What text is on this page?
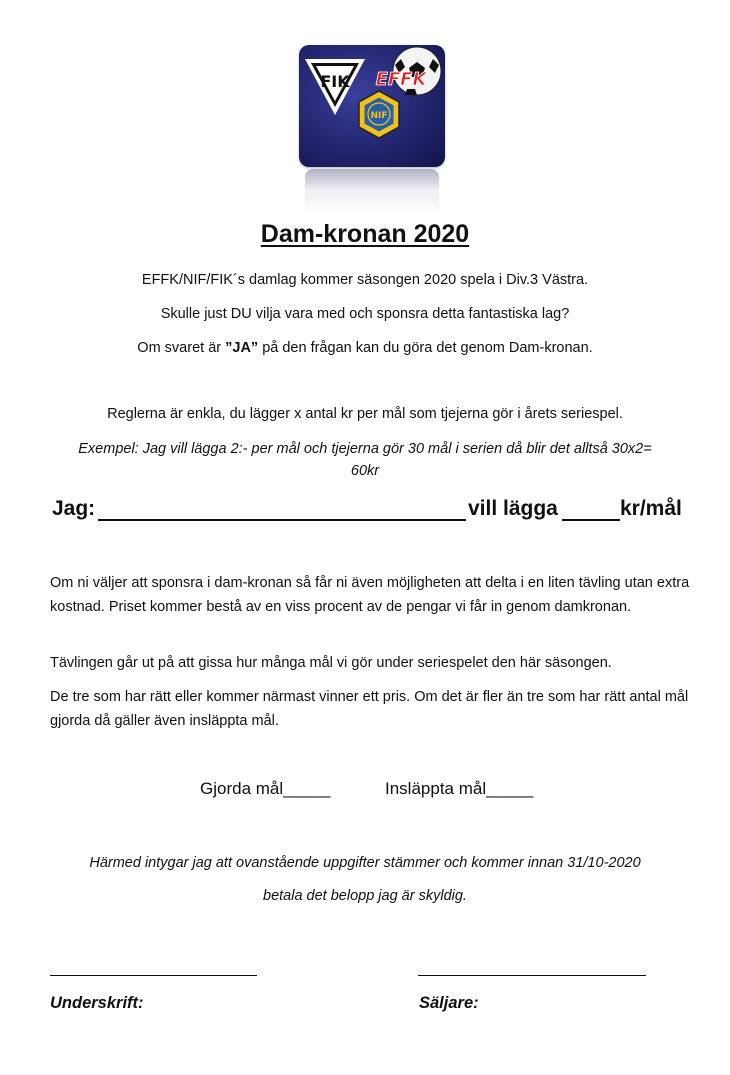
FIK EFFK
NIF
Dam-kronan 2020
EFFK/NIF/FIK´s damlag kommer säsongen 2020 spela i Div.3 Västra.
Skulle just DU vilja vara med och sponsra detta fantastiska lag?
Om svaret är ”JA” på den frågan kan du göra det genom Dam-kronan.
Reglerna är enkla, du lägger x antal kr per mål som tjejerna gör i årets seriespel.
Exempel: Jag vill lägga 2:- per mål och tjejerna gör 30 mål i serien då blir det alltså 30x2=
60kr
Jag:	vill lägga	kr/mål
Om ni väljer att sponsra i dam-kronan så får ni även möjligheten att delta i en liten tävling utan extra kostnad. Priset kommer bestå av en viss procent av de pengar vi får in genom damkronan.
Tävlingen går ut på att gissa hur många mål vi gör under seriespelet den här säsongen.
De tre som har rätt eller kommer närmast vinner ett pris. Om det är fler än tre som har rätt antal mål gjorda då gäller även insläppta mål.
Gjorda mål_____	Insläppta mål_____
Härmed intygar jag att ovanstående uppgifter stämmer och kommer innan 31/10-2020
betala det belopp jag är skyldig.
Underskrift:	Säljare:
